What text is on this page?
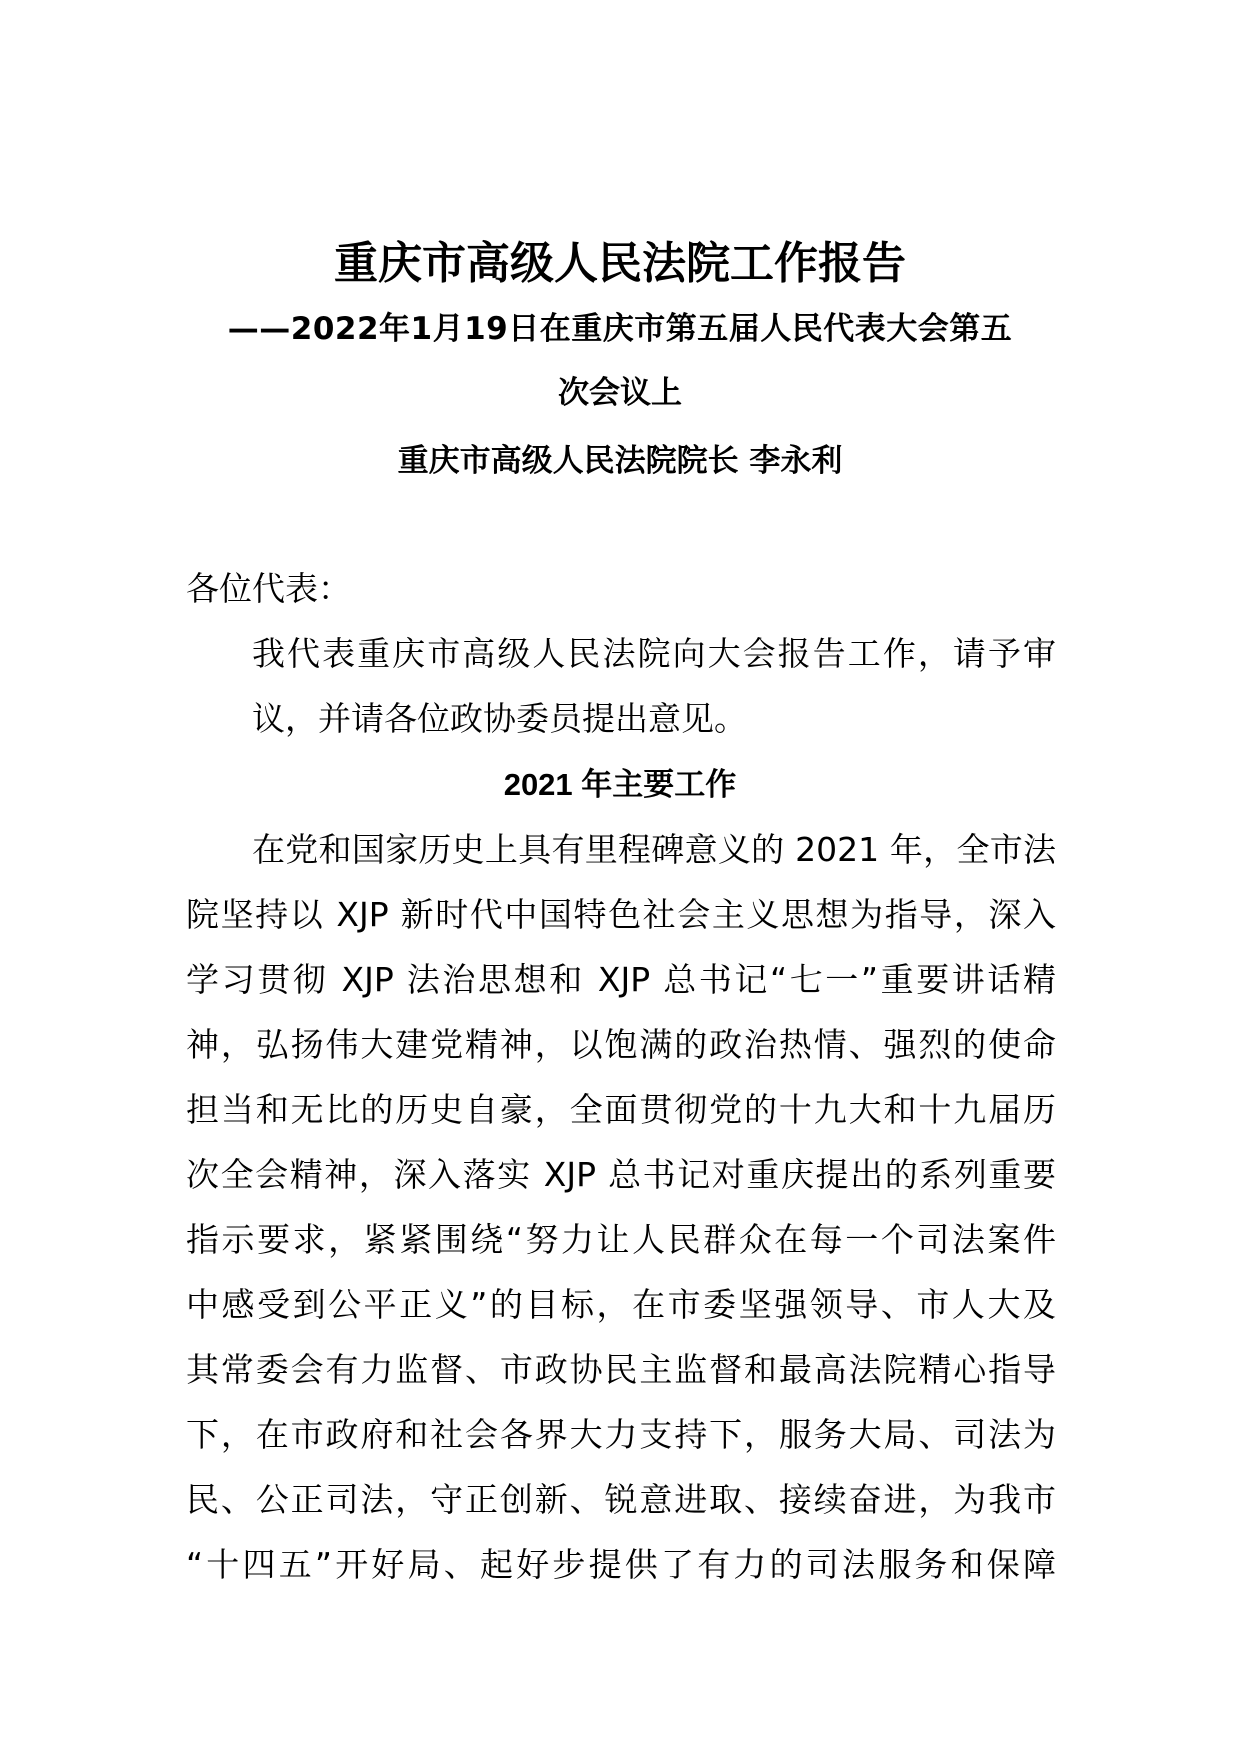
重庆市高级人民法院工作报告
——2022年1月19日在重庆市第五届人民代表大会第五
次会议上
重庆市高级人民法院院长 李永利
各位代表：
我代表重庆市高级人民法院向大会报告工作，请予审
议，并请各位政协委员提出意见。
2021 年主要工作
在党和国家历史上具有里程碑意义的 2021 年，全市法
院坚持以 XJP 新时代中国特色社会主义思想为指导，深入
学习贯彻 XJP 法治思想和 XJP 总书记“七一”重要讲话精
神，弘扬伟大建党精神，以饱满的政治热情、强烈的使命
担当和无比的历史自豪，全面贯彻党的十九大和十九届历
次全会精神，深入落实 XJP 总书记对重庆提出的系列重要
指示要求，紧紧围绕“努力让人民群众在每一个司法案件
中感受到公平正义”的目标，在市委坚强领导、市人大及
其常委会有力监督、市政协民主监督和最高法院精心指导
下，在市政府和社会各界大力支持下，服务大局、司法为
民、公正司法，守正创新、锐意进取、接续奋进，为我市
“十四五”开好局、起好步提供了有力的司法服务和保障
